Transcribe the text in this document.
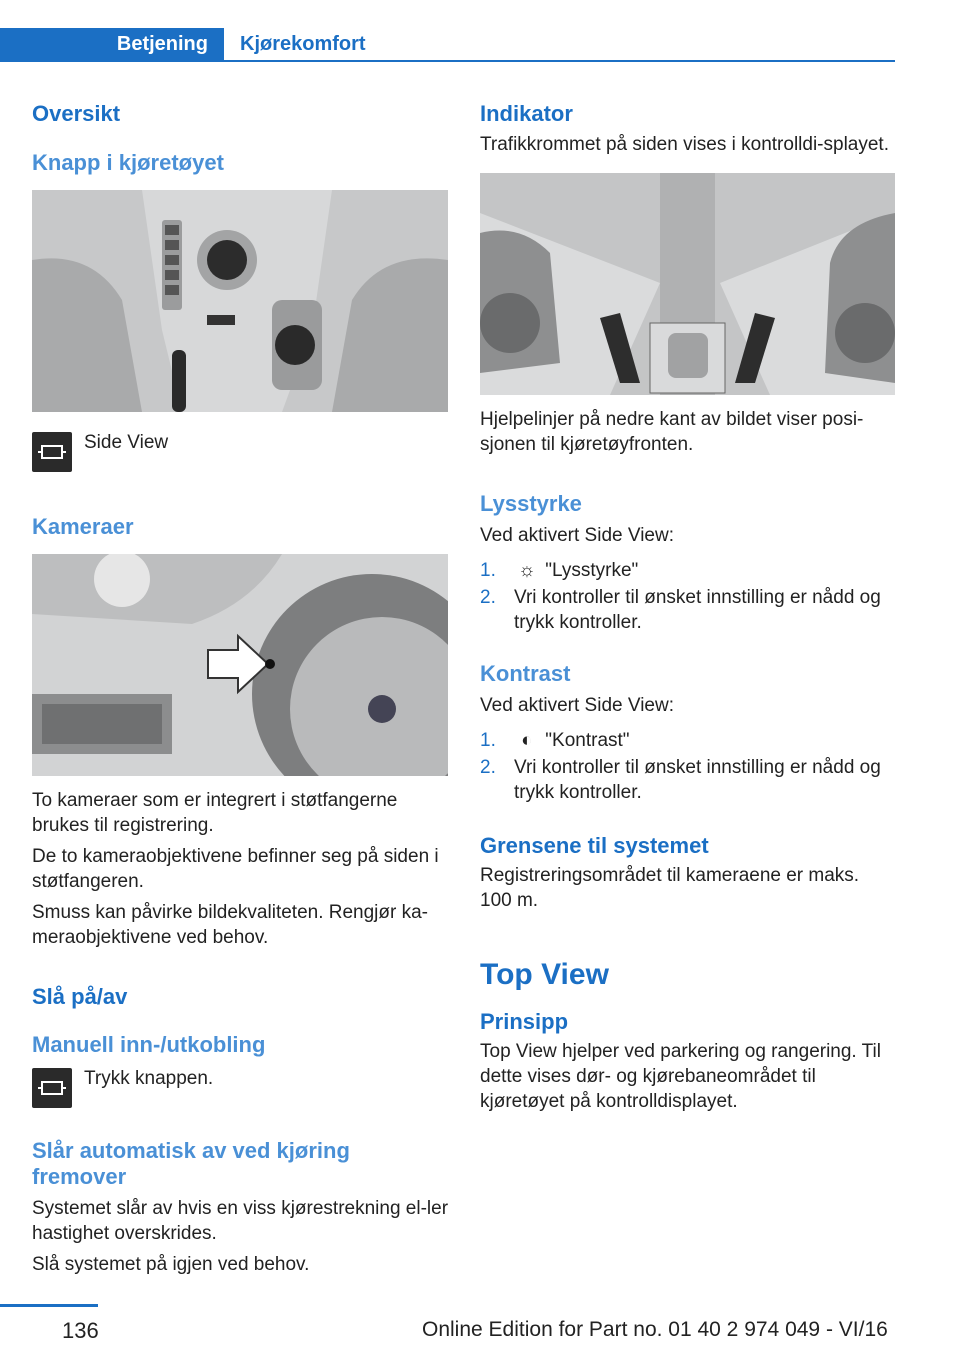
Betjening	Kjørekomfort
Oversikt
Knapp i kjøretøyet

Side View

Kameraer

To kameraer som er integrert i støtfangerne brukes til registrering.

De to kameraobjektivene befinner seg på siden i støtfangeren.

Smuss kan påvirke bildekvaliteten. Rengjør ka-meraobjektivene ved behov.

Slå på/av
Manuell inn-/utkobling

Trykk knappen.

Slår automatisk av ved kjøring fremover

Systemet slår av hvis en viss kjørestrekning el-ler hastighet overskrides.

Slå systemet på igjen ved behov.

Indikator

Trafikkrommet på siden vises i kontrolldi-splayet.

Hjelpelinjer på nedre kant av bildet viser posi-sjonen til kjøretøyfronten.

Lysstyrke

Ved aktivert Side View:

1.	☼ "Lysstyrke"
2. Vri kontroller til ønsket innstilling er nådd og trykk kontroller.
Kontrast

Ved aktivert Side View:

1.	◐ "Kontrast"
2. Vri kontroller til ønsket innstilling er nådd og trykk kontroller.
Grensene til systemet

Registreringsområdet til kameraene er maks. 100 m.

Top View
Prinsipp

Top View hjelper ved parkering og rangering. Til dette vises dør- og kjørebaneområdet til kjøretøyet på kontrolldisplayet.

136	Online Edition for Part no. 01 40 2 974 049 - VI/16
